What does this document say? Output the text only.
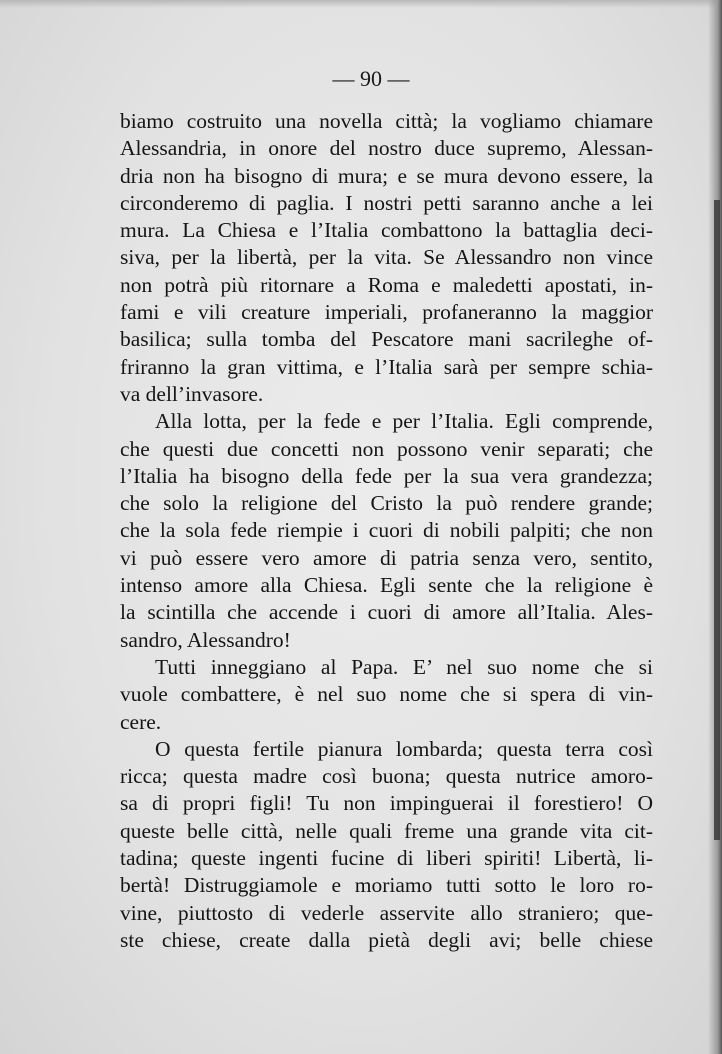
— 90 —
biamo costruito una novella città; la vogliamo chiamare
Alessandria, in onore del nostro duce supremo, Alessan-
dria non ha bisogno di mura; e se mura devono essere, la
circonderemo di paglia. I nostri petti saranno anche a lei
mura. La Chiesa e l’Italia combattono la battaglia deci-
siva, per la libertà, per la vita. Se Alessandro non vince
non potrà più ritornare a Roma e maledetti apostati, in-
fami e vili creature imperiali, profaneranno la maggior
basilica; sulla tomba del Pescatore mani sacrileghe of-
friranno la gran vittima, e l’Italia sarà per sempre schia-
va dell’invasore.
Alla lotta, per la fede e per l’Italia. Egli comprende,
che questi due concetti non possono venir separati; che
l’Italia ha bisogno della fede per la sua vera grandezza;
che solo la religione del Cristo la può rendere grande;
che la sola fede riempie i cuori di nobili palpiti; che non
vi può essere vero amore di patria senza vero, sentito,
intenso amore alla Chiesa. Egli sente che la religione è
la scintilla che accende i cuori di amore all’Italia. Ales-
sandro, Alessandro!
Tutti inneggiano al Papa. E’ nel suo nome che si
vuole combattere, è nel suo nome che si spera di vin-
cere.
O questa fertile pianura lombarda; questa terra così
ricca; questa madre così buona; questa nutrice amoro-
sa di propri figli! Tu non impinguerai il forestiero! O
queste belle città, nelle quali freme una grande vita cit-
tadina; queste ingenti fucine di liberi spiriti! Libertà, li-
bertà! Distruggiamole e moriamo tutti sotto le loro ro-
vine, piuttosto di vederle asservite allo straniero; que-
ste chiese, create dalla pietà degli avi; belle chiese
